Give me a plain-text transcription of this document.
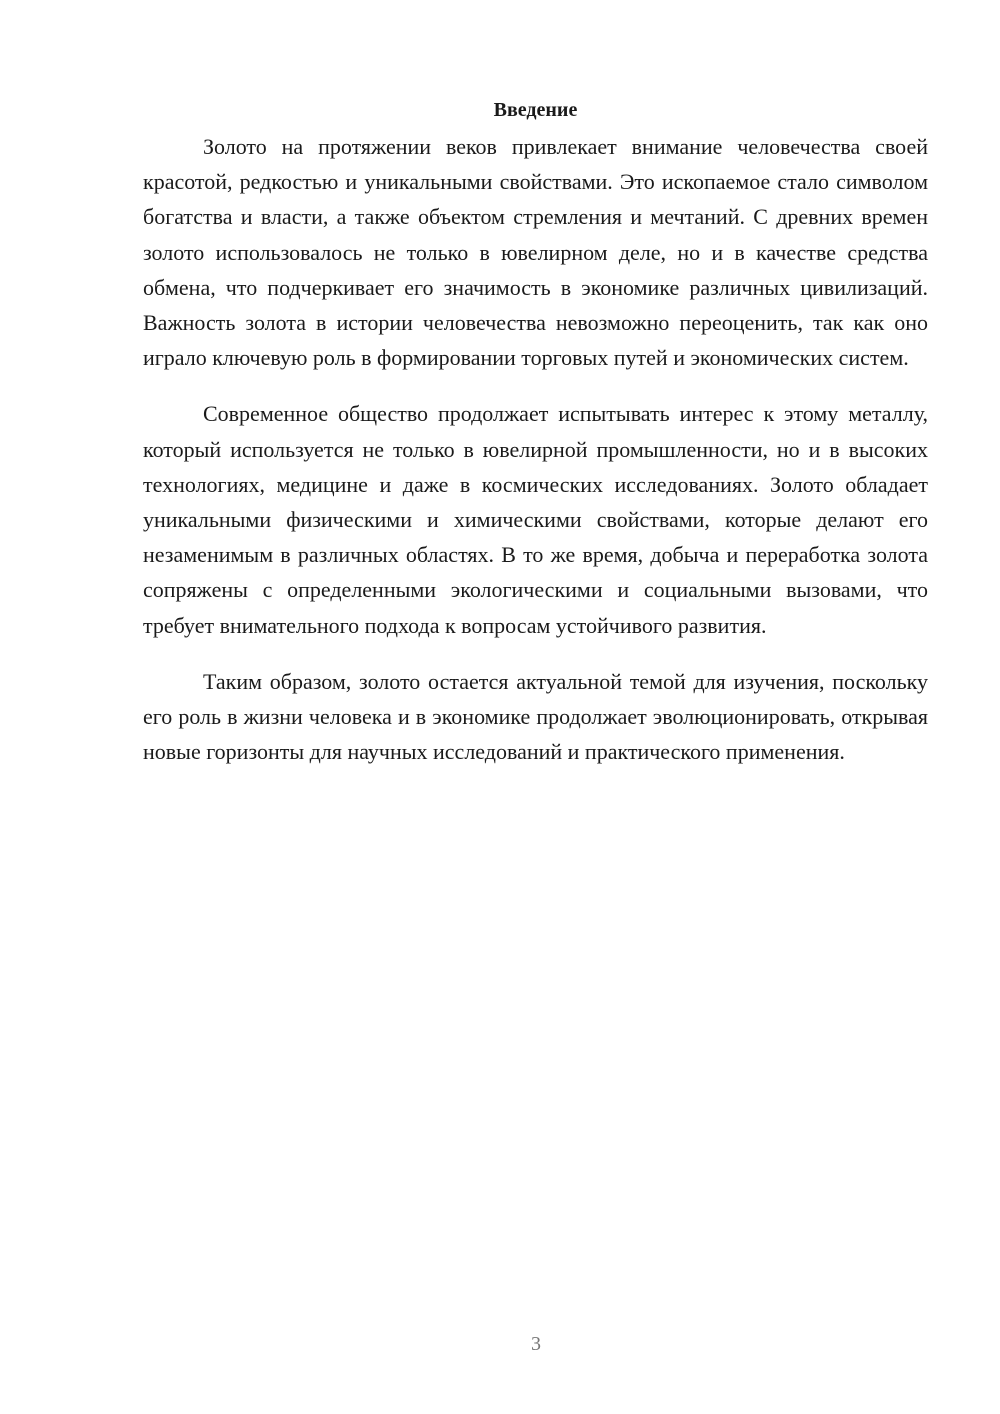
Введение

Золото на протяжении веков привлекает внимание человечества своей красотой, редкостью и уникальными свойствами. Это ископаемое стало символом богатства и власти, а также объектом стремления и мечтаний. С древних времен золото использовалось не только в ювелирном деле, но и в качестве средства обмена, что подчеркивает его значимость в экономике различных цивилизаций. Важность золота в истории человечества невозможно переоценить, так как оно играло ключевую роль в формировании торговых путей и экономических систем.

Современное общество продолжает испытывать интерес к этому металлу, который используется не только в ювелирной промышленности, но и в высоких технологиях, медицине и даже в космических исследованиях. Золото обладает уникальными физическими и химическими свойствами, которые делают его незаменимым в различных областях. В то же время, добыча и переработка золота сопряжены с определенными экологическими и социальными вызовами, что требует внимательного подхода к вопросам устойчивого развития.

Таким образом, золото остается актуальной темой для изучения, поскольку его роль в жизни человека и в экономике продолжает эволюционировать, открывая новые горизонты для научных исследований и практического применения.

3
